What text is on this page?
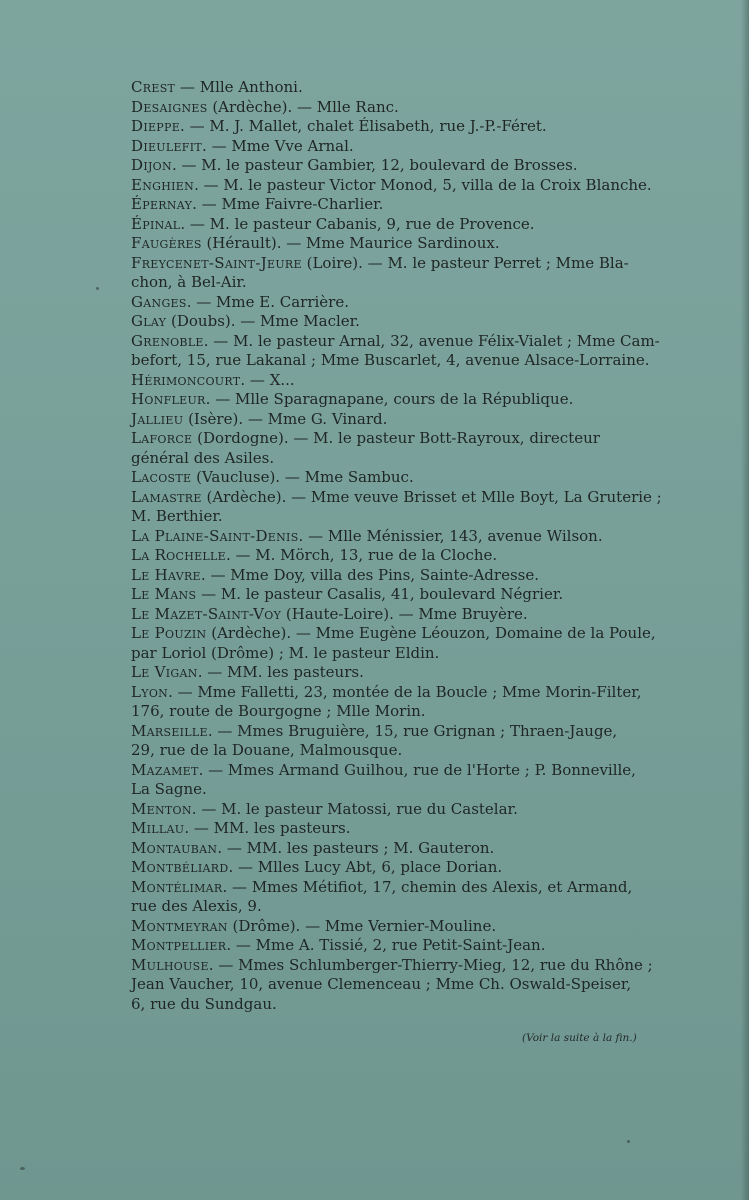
Crest — Mlle Anthoni.
Desaignes (Ardèche). — Mlle Ranc.
Dieppe. — M. J. Mallet, chalet Élisabeth, rue J.-P.-Féret.
Dieulefit. — Mme Vve Arnal.
Dijon. — M. le pasteur Gambier, 12, boulevard de Brosses.
Enghien. — M. le pasteur Victor Monod, 5, villa de la Croix Blanche.
Épernay. — Mme Faivre-Charlier.
Épinal. — M. le pasteur Cabanis, 9, rue de Provence.
Faugères (Hérault). — Mme Maurice Sardinoux.
Freycenet-Saint-Jeure (Loire). — M. le pasteur Perret ; Mme Bla-
chon, à Bel-Air.
Ganges. — Mme E. Carrière.
Glay (Doubs). — Mme Macler.
Grenoble. — M. le pasteur Arnal, 32, avenue Félix-Vialet ; Mme Cam-
befort, 15, rue Lakanal ; Mme Buscarlet, 4, avenue Alsace-Lorraine.
Hérimoncourt. — X...
Honfleur. — Mlle Sparagnapane, cours de la République.
Jallieu (Isère). — Mme G. Vinard.
Laforce (Dordogne). — M. le pasteur Bott-Rayroux, directeur
général des Asiles.
Lacoste (Vaucluse). — Mme Sambuc.
Lamastre (Ardèche). — Mme veuve Brisset et Mlle Boyt, La Gruterie ;
M. Berthier.
La Plaine-Saint-Denis. — Mlle Ménissier, 143, avenue Wilson.
La Rochelle. — M. Mörch, 13, rue de la Cloche.
Le Havre. — Mme Doy, villa des Pins, Sainte-Adresse.
Le Mans — M. le pasteur Casalis, 41, boulevard Négrier.
Le Mazet-Saint-Voy (Haute-Loire). — Mme Bruyère.
Le Pouzin (Ardèche). — Mme Eugène Léouzon, Domaine de la Poule,
par Loriol (Drôme) ; M. le pasteur Eldin.
Le Vigan. — MM. les pasteurs.
Lyon. — Mme Falletti, 23, montée de la Boucle ; Mme Morin-Filter,
176, route de Bourgogne ; Mlle Morin.
Marseille. — Mmes Bruguière, 15, rue Grignan ; Thraen-Jauge,
29, rue de la Douane, Malmousque.
Mazamet. — Mmes Armand Guilhou, rue de l'Horte ; P. Bonneville,
La Sagne.
Menton. — M. le pasteur Matossi, rue du Castelar.
Millau. — MM. les pasteurs.
Montauban. — MM. les pasteurs ; M. Gauteron.
Montbéliard. — Mlles Lucy Abt, 6, place Dorian.
Montélimar. — Mmes Métifiot, 17, chemin des Alexis, et Armand,
rue des Alexis, 9.
Montmeyran (Drôme). — Mme Vernier-Mouline.
Montpellier. — Mme A. Tissié, 2, rue Petit-Saint-Jean.
Mulhouse. — Mmes Schlumberger-Thierry-Mieg, 12, rue du Rhône ;
Jean Vaucher, 10, avenue Clemenceau ; Mme Ch. Oswald-Speiser,
6, rue du Sundgau.
(Voir la suite à la fin.)
